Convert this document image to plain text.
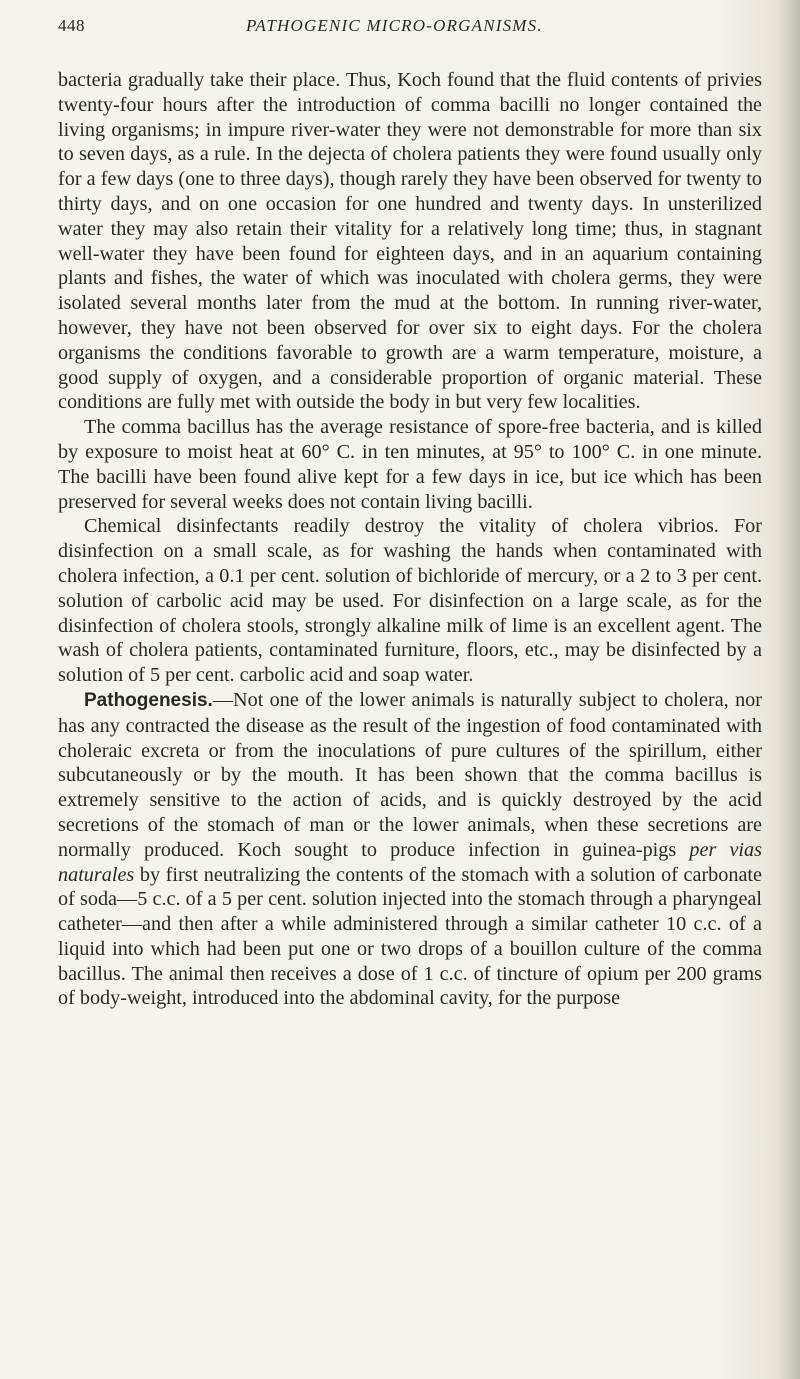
448	PATHOGENIC MICRO-ORGANISMS.

bacteria gradually take their place. Thus, Koch found that the fluid contents of privies twenty-four hours after the introduction of comma bacilli no longer contained the living organisms; in impure river-water they were not demonstrable for more than six to seven days, as a rule. In the dejecta of cholera patients they were found usually only for a few days (one to three days), though rarely they have been observed for twenty to thirty days, and on one occasion for one hundred and twenty days. In unsterilized water they may also retain their vitality for a relatively long time; thus, in stagnant well-water they have been found for eighteen days, and in an aquarium containing plants and fishes, the water of which was inoculated with cholera germs, they were isolated several months later from the mud at the bottom. In running river-water, however, they have not been observed for over six to eight days. For the cholera organisms the conditions favorable to growth are a warm temperature, moisture, a good supply of oxygen, and a considerable proportion of organic material. These conditions are fully met with outside the body in but very few localities.

The comma bacillus has the average resistance of spore-free bacteria, and is killed by exposure to moist heat at 60° C. in ten minutes, at 95° to 100° C. in one minute. The bacilli have been found alive kept for a few days in ice, but ice which has been preserved for several weeks does not contain living bacilli.

Chemical disinfectants readily destroy the vitality of cholera vibrios. For disinfection on a small scale, as for washing the hands when contaminated with cholera infection, a 0.1 per cent. solution of bichloride of mercury, or a 2 to 3 per cent. solution of carbolic acid may be used. For disinfection on a large scale, as for the disinfection of cholera stools, strongly alkaline milk of lime is an excellent agent. The wash of cholera patients, contaminated furniture, floors, etc., may be disinfected by a solution of 5 per cent. carbolic acid and soap water.

Pathogenesis.—Not one of the lower animals is naturally subject to cholera, nor has any contracted the disease as the result of the ingestion of food contaminated with choleraic excreta or from the inoculations of pure cultures of the spirillum, either subcutaneously or by the mouth. It has been shown that the comma bacillus is extremely sensitive to the action of acids, and is quickly destroyed by the acid secretions of the stomach of man or the lower animals, when these secretions are normally produced. Koch sought to produce infection in guinea-pigs per vias naturales by first neutralizing the contents of the stomach with a solution of carbonate of soda—5 c.c. of a 5 per cent. solution injected into the stomach through a pharyngeal catheter—and then after a while administered through a similar catheter 10 c.c. of a liquid into which had been put one or two drops of a bouillon culture of the comma bacillus. The animal then receives a dose of 1 c.c. of tincture of opium per 200 grams of body-weight, introduced into the abdominal cavity, for the purpose
